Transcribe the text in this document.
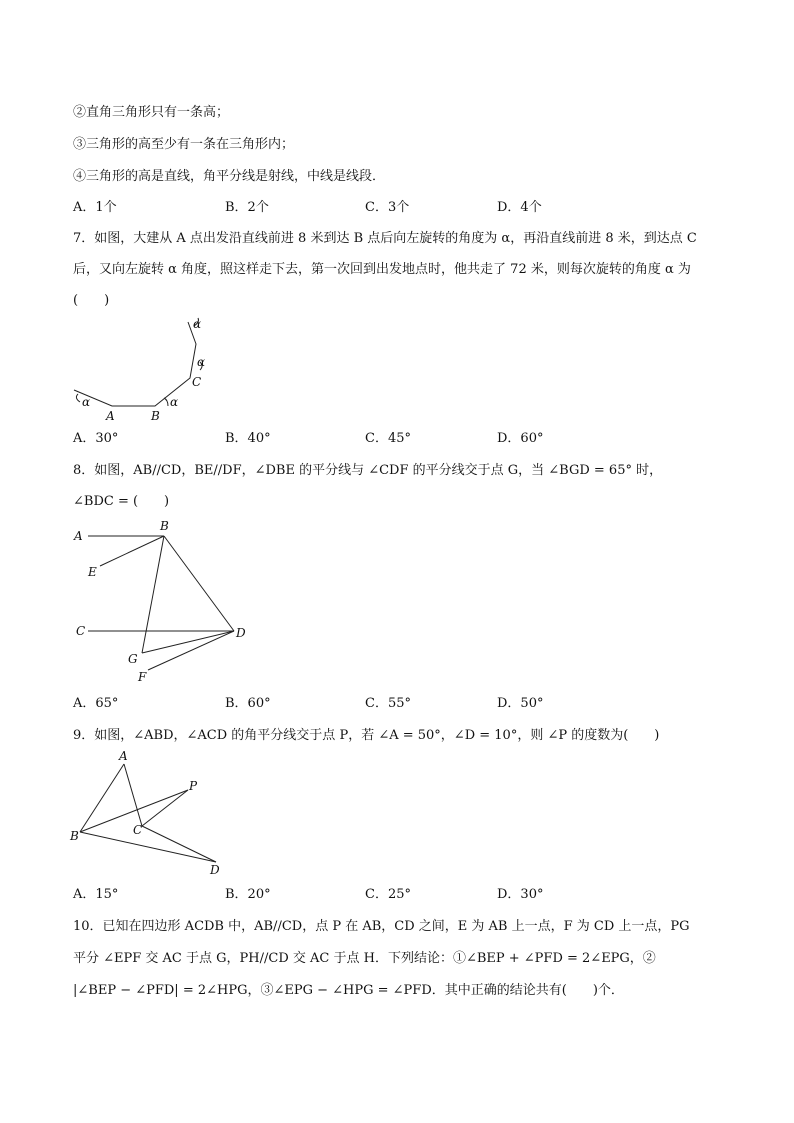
②直角三角形只有一条高；
③三角形的高至少有一条在三角形内；
④三角形的高是直线，角平分线是射线，中线是线段．
A．1个	B．2个	C．3个	D．4个
7．如图，大建从 A 点出发沿直线前进 8 米到达 B 点后向左旋转的角度为 α，再沿直线前进 8 米，到达点 C
后，又向左旋转 α 角度，照这样走下去，第一次回到出发地点时，他共走了 72 米，则每次旋转的角度 α 为
(　　)
A	B
C
α	α
α
α
A．30°	B．40°	C．45°	D．60°
8．如图，AB//CD，BE//DF，∠DBE 的平分线与 ∠CDF 的平分线交于点 G，当 ∠BGD = 65° 时，
∠BDC = (　　)
A
B
E
C	D
G
F
A．65°	B．60°	C．55°	D．50°
9．如图，∠ABD，∠ACD 的角平分线交于点 P，若 ∠A = 50°，∠D = 10°，则 ∠P 的度数为(　　)
A
B	C
P
D
A．15°	B．20°	C．25°	D．30°
10．已知在四边形 ACDB 中，AB//CD，点 P 在 AB，CD 之间，E 为 AB 上一点，F 为 CD 上一点，PG
平分 ∠EPF 交 AC 于点 G，PH//CD 交 AC 于点 H．下列结论：①∠BEP + ∠PFD = 2∠EPG，②
|∠BEP − ∠PFD| = 2∠HPG，③∠EPG − ∠HPG = ∠PFD．其中正确的结论共有(　　)个．
